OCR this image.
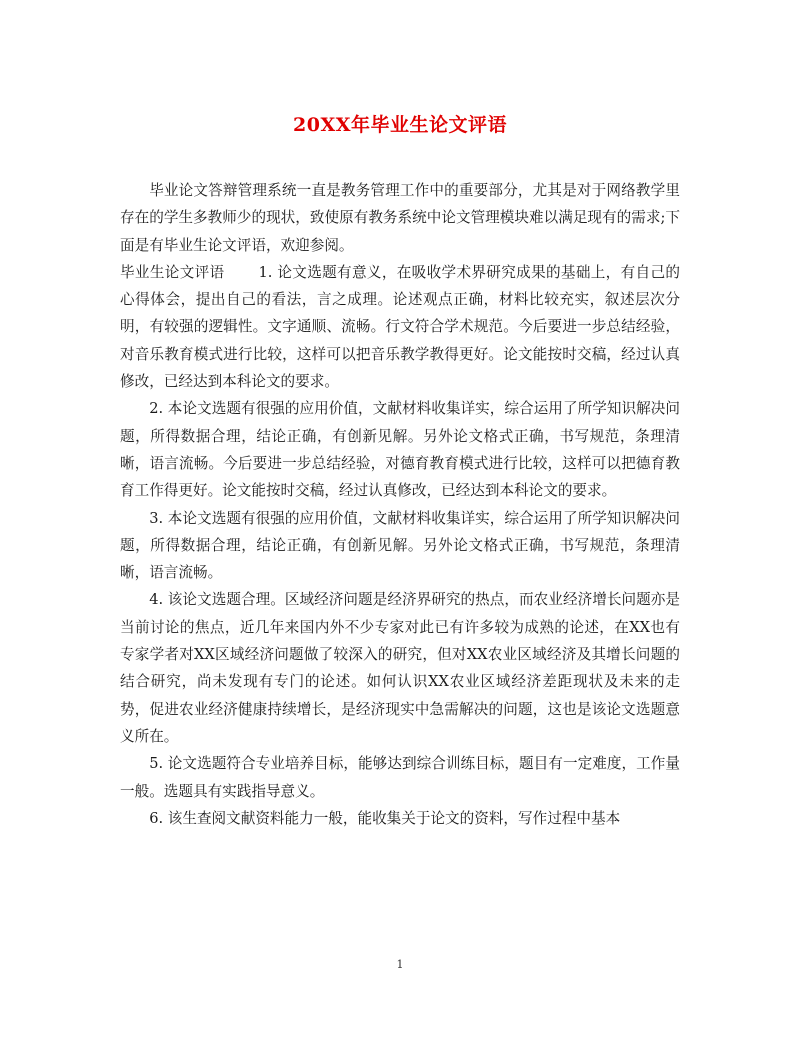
20XX年毕业生论文评语

毕业论文答辩管理系统一直是教务管理工作中的重要部分，尤其是对于网络教学里存在的学生多教师少的现状，致使原有教务系统中论文管理模块难以满足现有的需求;下面是有毕业生论文评语，欢迎参阅。

毕业生论文评语 1. 论文选题有意义，在吸收学术界研究成果的基础上，有自己的心得体会，提出自己的看法，言之成理。论述观点正确，材料比较充实，叙述层次分明，有较强的逻辑性。文字通顺、流畅。行文符合学术规范。今后要进一步总结经验，对音乐教育模式进行比较，这样可以把音乐教学教得更好。论文能按时交稿，经过认真修改，已经达到本科论文的要求。

2. 本论文选题有很强的应用价值，文献材料收集详实，综合运用了所学知识解决问题，所得数据合理，结论正确，有创新见解。另外论文格式正确，书写规范，条理清晰，语言流畅。今后要进一步总结经验，对德育教育模式进行比较，这样可以把德育教育工作得更好。论文能按时交稿，经过认真修改，已经达到本科论文的要求。

3. 本论文选题有很强的应用价值，文献材料收集详实，综合运用了所学知识解决问题，所得数据合理，结论正确，有创新见解。另外论文格式正确，书写规范，条理清晰，语言流畅。

4. 该论文选题合理。区域经济问题是经济界研究的热点，而农业经济增长问题亦是当前讨论的焦点，近几年来国内外不少专家对此已有许多较为成熟的论述，在XX也有专家学者对XX区域经济问题做了较深入的研究，但对XX农业区域经济及其增长问题的结合研究，尚未发现有专门的论述。如何认识XX农业区域经济差距现状及未来的走势，促进农业经济健康持续增长，是经济现实中急需解决的问题，这也是该论文选题意义所在。

5. 论文选题符合专业培养目标，能够达到综合训练目标，题目有一定难度，工作量一般。选题具有实践指导意义。

6. 该生查阅文献资料能力一般，能收集关于论文的资料，写作过程中基本

1
